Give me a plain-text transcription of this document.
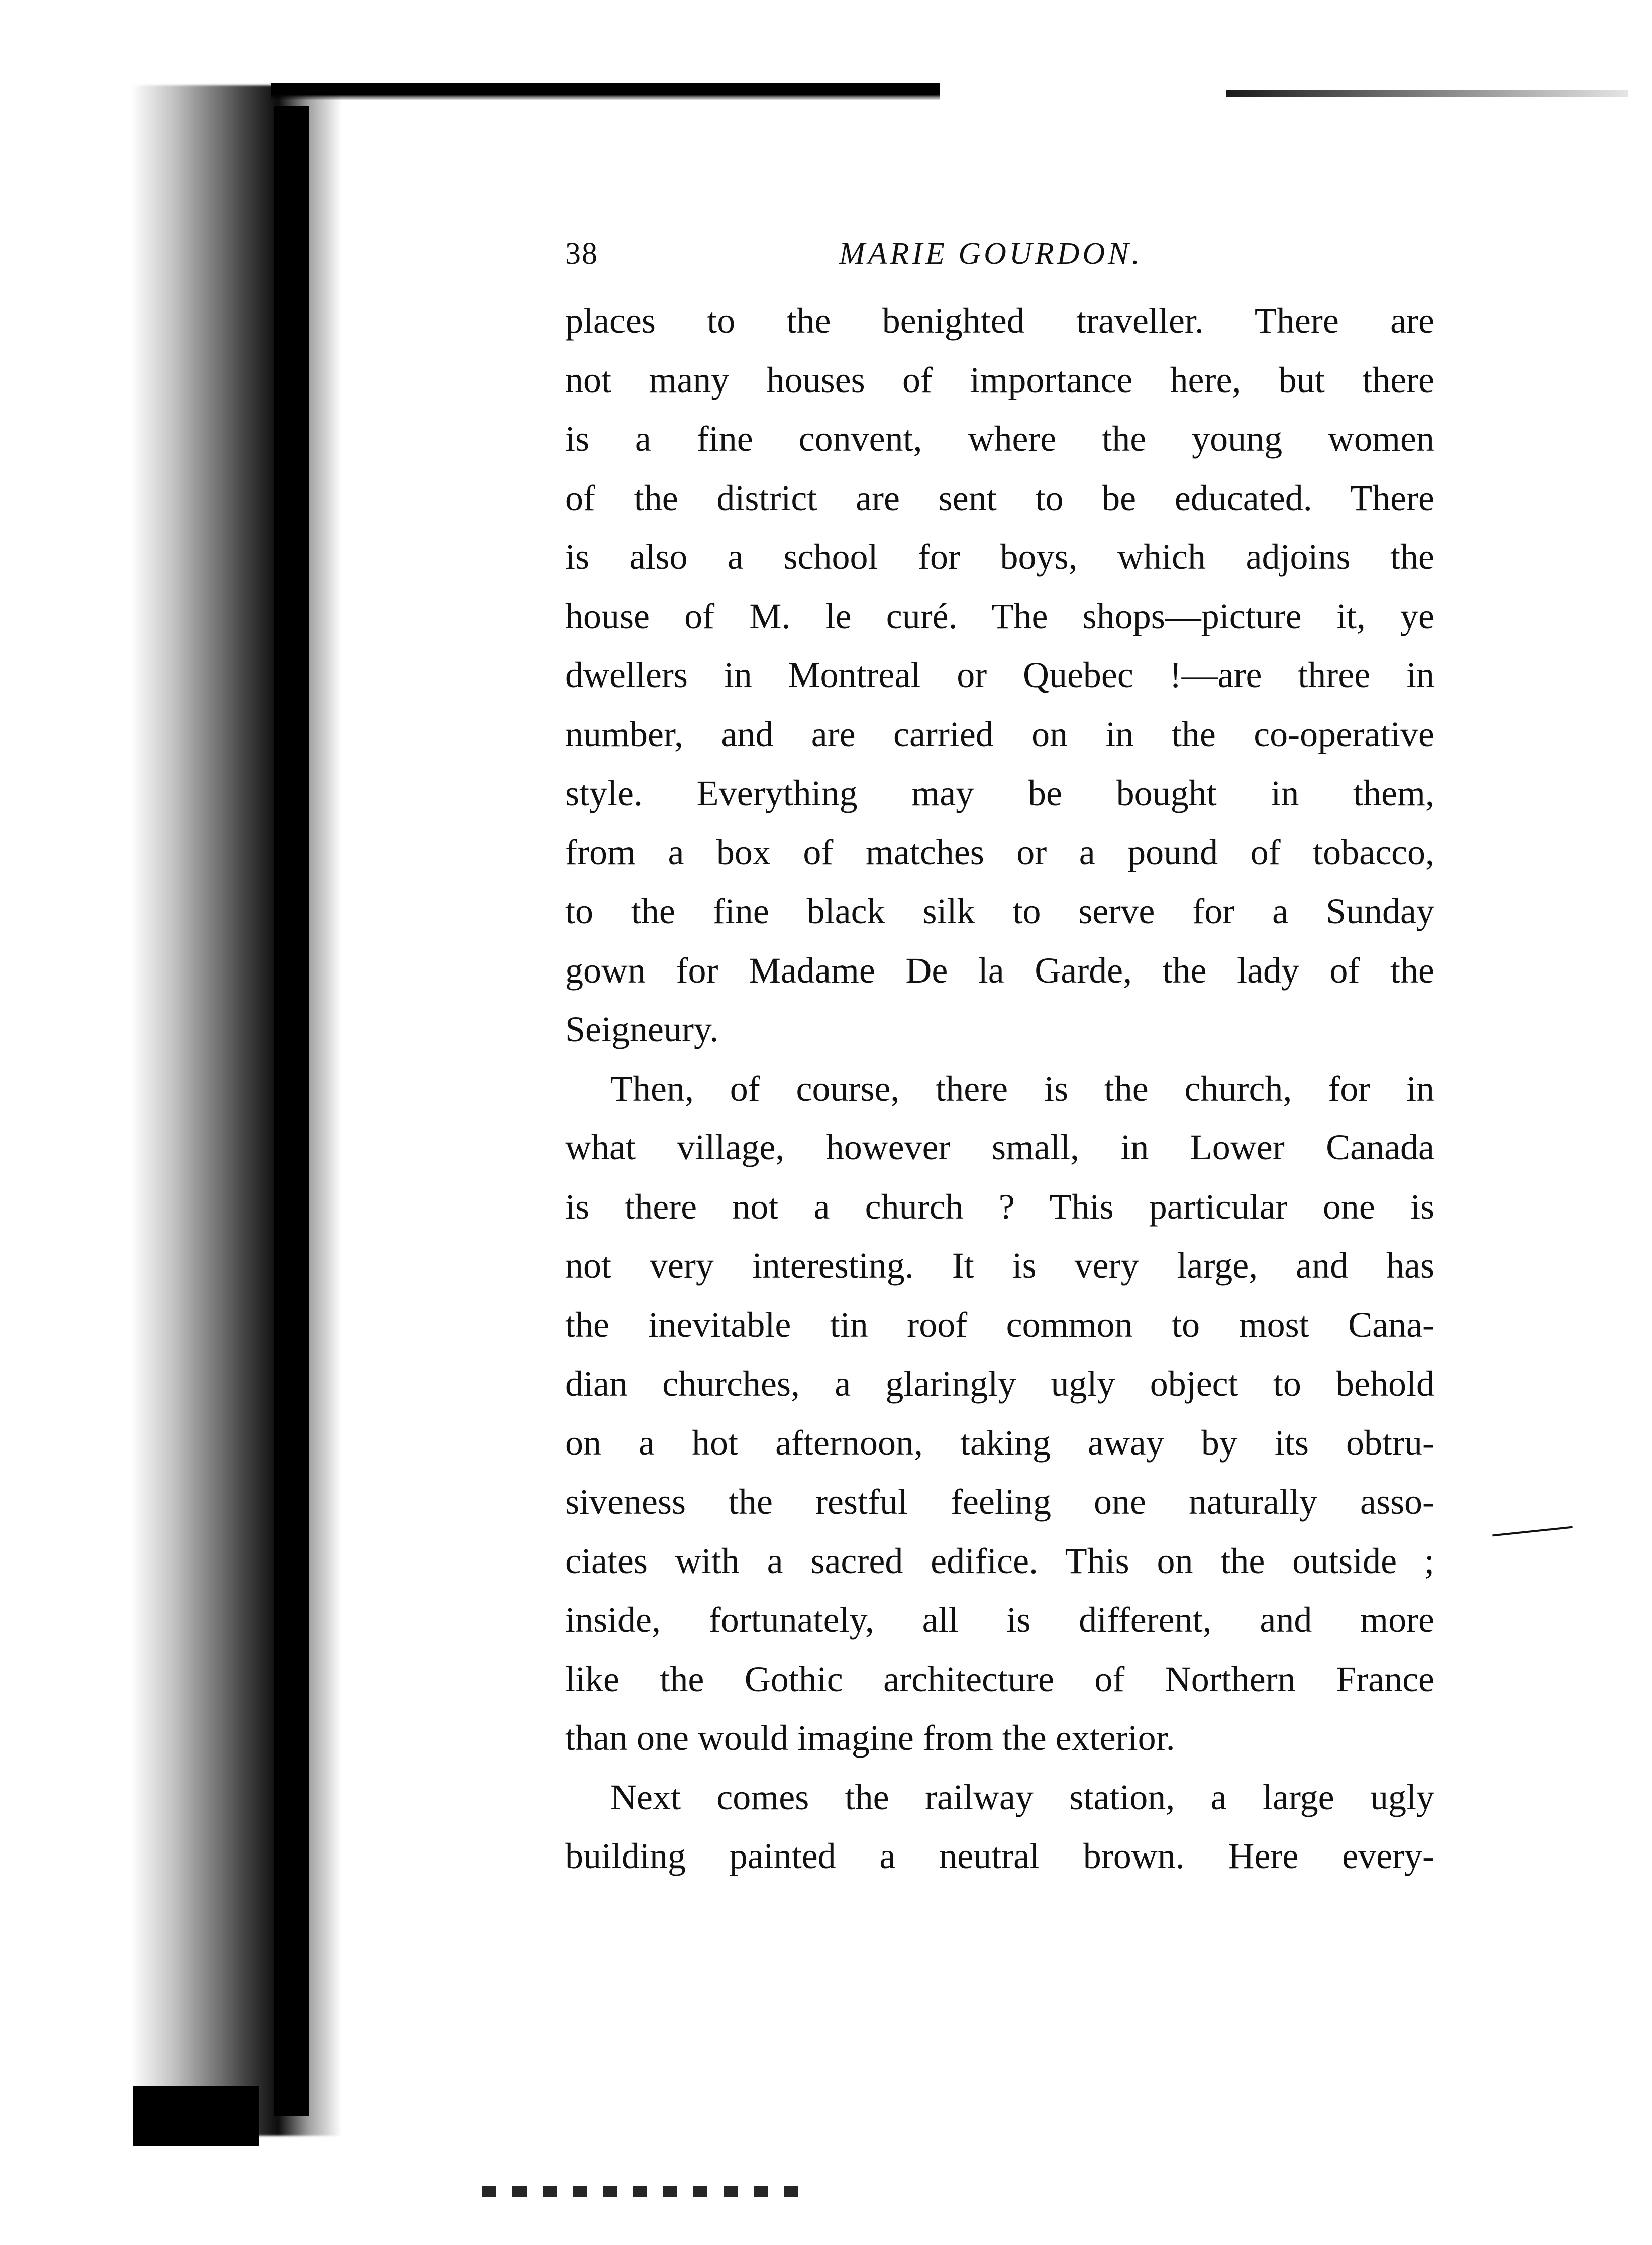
38	MARIE GOURDON.
places to the benighted traveller. There are
not many houses of importance here, but there
is a fine convent, where the young women
of the district are sent to be educated. There
is also a school for boys, which adjoins the
house of M. le curé. The shops—picture it, ye
dwellers in Montreal or Quebec !—are three in
number, and are carried on in the co-operative
style. Everything may be bought in them,
from a box of matches or a pound of tobacco,
to the fine black silk to serve for a Sunday
gown for Madame De la Garde, the lady of the
Seigneury.
Then, of course, there is the church, for in
what village, however small, in Lower Canada
is there not a church ? This particular one is
not very interesting. It is very large, and has
the inevitable tin roof common to most Cana-
dian churches, a glaringly ugly object to behold
on a hot afternoon, taking away by its obtru-
siveness the restful feeling one naturally asso-
ciates with a sacred edifice. This on the outside ;
inside, fortunately, all is different, and more
like the Gothic architecture of Northern France
than one would imagine from the exterior.
Next comes the railway station, a large ugly
building painted a neutral brown. Here every-
